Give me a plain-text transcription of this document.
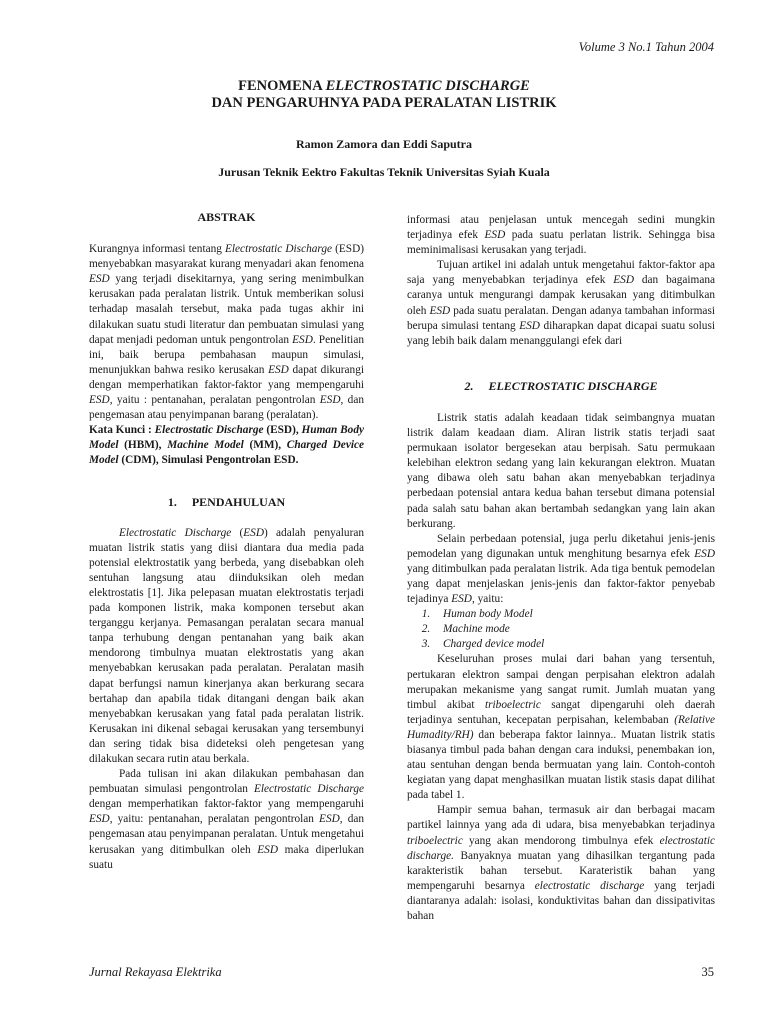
Volume 3 No.1 Tahun 2004
FENOMENA ELECTROSTATIC DISCHARGE
DAN PENGARUHNYA PADA PERALATAN LISTRIK
Ramon Zamora dan Eddi Saputra
Jurusan Teknik Eektro Fakultas Teknik Universitas Syiah Kuala

ABSTRAK

Kurangnya informasi tentang Electrostatic Discharge (ESD) menyebabkan masyarakat kurang menyadari akan fenomena ESD yang terjadi disekitarnya, yang sering menimbulkan kerusakan pada peralatan listrik. Untuk memberikan solusi terhadap masalah tersebut, maka pada tugas akhir ini dilakukan suatu studi literatur dan pembuatan simulasi yang dapat menjadi pedoman untuk pengontrolan ESD. Penelitian ini, baik berupa pembahasan maupun simulasi, menunjukkan bahwa resiko kerusakan ESD dapat dikurangi dengan memperhatikan faktor-faktor yang mempengaruhi ESD, yaitu : pentanahan, peralatan pengontrolan ESD, dan pengemasan atau penyimpanan barang (peralatan).

Kata Kunci : Electrostatic Discharge (ESD), Human Body Model (HBM), Machine Model (MM), Charged Device Model (CDM), Simulasi Pengontrolan ESD.

1.     PENDAHULUAN

Electrostatic Discharge (ESD) adalah penyaluran muatan listrik statis yang diisi diantara dua media pada potensial elektrostatik yang berbeda, yang disebabkan oleh sentuhan langsung atau diinduksikan oleh medan elektrostatis [1]. Jika pelepasan muatan elektrostatis terjadi pada komponen listrik, maka komponen tersebut akan terganggu kerjanya. Pemasangan peralatan secara manual tanpa terhubung dengan pentanahan yang baik akan mendorong timbulnya muatan elektrostatis yang akan menyebabkan kerusakan pada peralatan. Peralatan masih dapat berfungsi namun kinerjanya akan berkurang secara bertahap dan apabila tidak ditangani dengan baik akan menyebabkan kerusakan yang fatal pada peralatan listrik. Kerusakan ini dikenal sebagai kerusakan yang tersembunyi dan sering tidak bisa dideteksi oleh pengetesan yang dilakukan secara rutin atau berkala.

Pada tulisan ini akan dilakukan pembahasan dan pembuatan simulasi pengontrolan Electrostatic Discharge dengan memperhatikan faktor-faktor yang mempengaruhi ESD, yaitu: pentanahan, peralatan pengontrolan ESD, dan pengemasan atau penyimpanan peralatan. Untuk mengetahui kerusakan yang ditimbulkan oleh ESD maka diperlukan suatu

informasi atau penjelasan untuk mencegah sedini mungkin terjadinya efek ESD pada suatu perlatan listrik. Sehingga bisa meminimalisasi kerusakan yang terjadi.

Tujuan artikel ini adalah untuk mengetahui faktor-faktor apa saja yang menyebabkan terjadinya efek ESD dan bagaimana caranya untuk mengurangi dampak kerusakan yang ditimbulkan oleh ESD pada suatu peralatan. Dengan adanya tambahan informasi berupa simulasi tentang ESD diharapkan dapat dicapai suatu solusi yang lebih baik dalam menanggulangi efek dari

2.     ELECTROSTATIC DISCHARGE

Listrik statis adalah keadaan tidak seimbangnya muatan listrik dalam keadaan diam. Aliran listrik statis terjadi saat permukaan isolator bergesekan atau berpisah. Satu permukaan kelebihan elektron sedang yang lain kekurangan elektron. Muatan yang dibawa oleh satu bahan akan menyebabkan terjadinya perbedaan potensial antara kedua bahan tersebut dimana potensial pada salah satu bahan akan bertambah sedangkan yang lain akan berkurang.

Selain perbedaan potensial, juga perlu diketahui jenis-jenis pemodelan yang digunakan untuk menghitung besarnya efek ESD yang ditimbulkan pada peralatan listrik. Ada tiga bentuk pemodelan yang dapat menjelaskan jenis-jenis dan faktor-faktor penyebab tejadinya ESD, yaitu:

1. Human body Model
2. Machine mode
3. Charged device model

Keseluruhan proses mulai dari bahan yang tersentuh, pertukaran elektron sampai dengan perpisahan elektron adalah merupakan mekanisme yang sangat rumit. Jumlah muatan yang timbul akibat triboelectric sangat dipengaruhi oleh daerah terjadinya sentuhan, kecepatan perpisahan, kelembaban (Relative Humadity/RH) dan beberapa faktor lainnya.. Muatan listrik statis biasanya timbul pada bahan dengan cara induksi, penembakan ion, atau sentuhan dengan benda bermuatan yang lain. Contoh-contoh kegiatan yang dapat menghasilkan muatan listik stasis dapat dilihat pada tabel 1.

Hampir semua bahan, termasuk air dan berbagai macam partikel lainnya yang ada di udara, bisa menyebabkan terjadinya triboelectric yang akan mendorong timbulnya efek electrostatic discharge. Banyaknya muatan yang dihasilkan tergantung pada karakteristik bahan tersebut. Karateristik bahan yang mempengaruhi besarnya electrostatic discharge yang terjadi diantaranya adalah: isolasi, konduktivitas bahan dan dissipativitas bahan

Jurnal Rekayasa Elektrika	35
